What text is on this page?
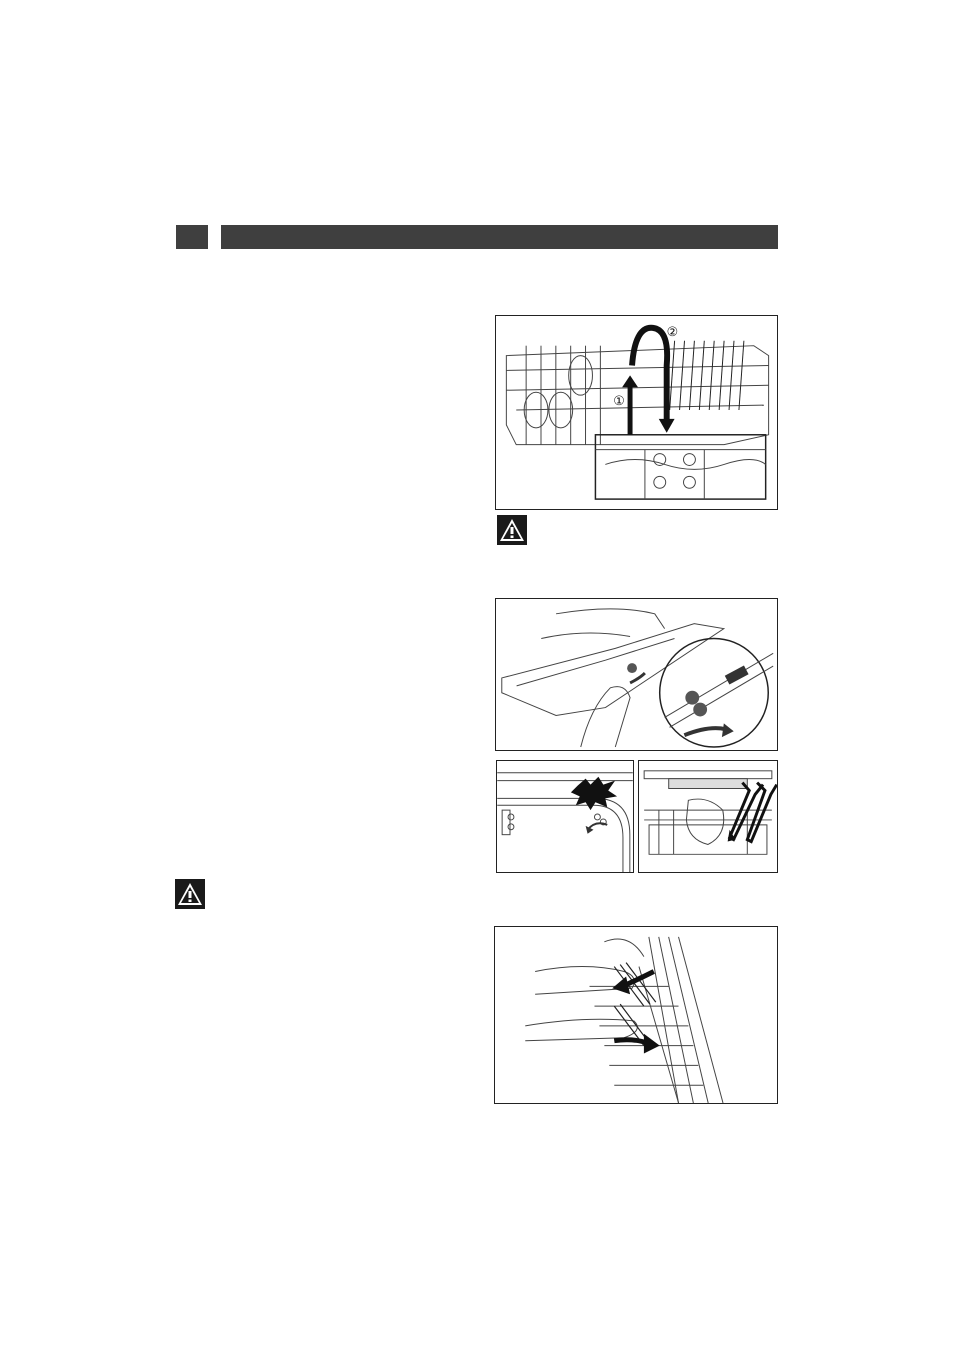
①
②
